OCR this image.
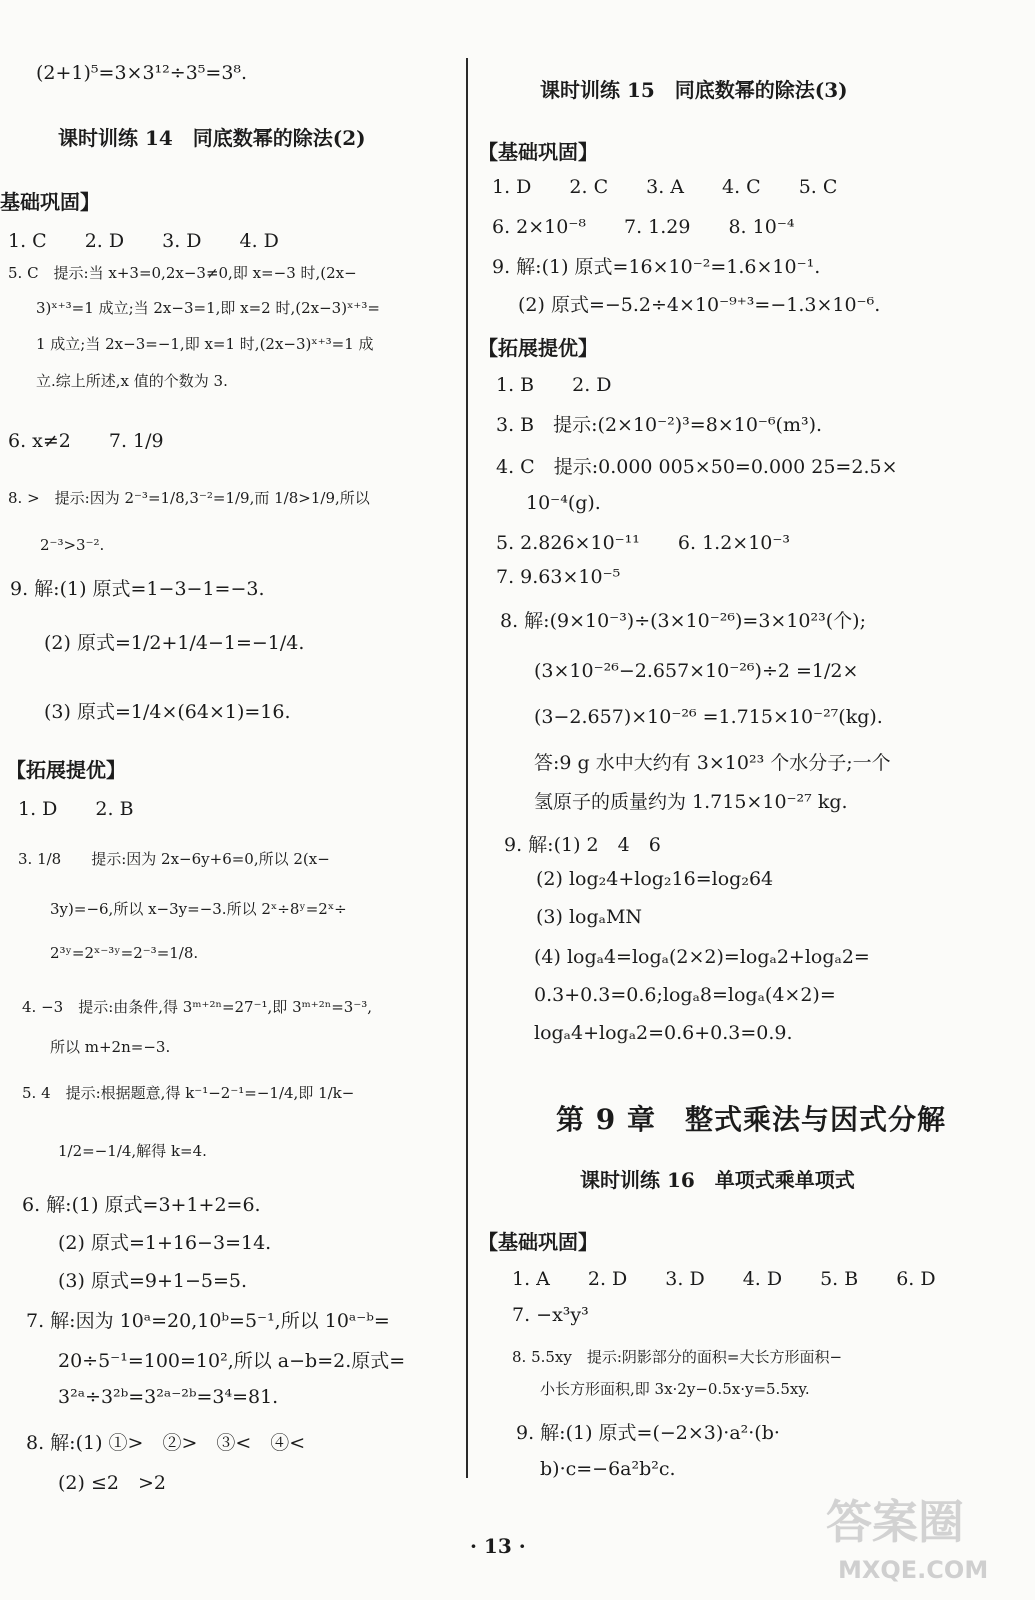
(2+1)⁵=3×3¹²÷3⁵=3⁸.
课时训练 14　同底数幂的除法(2)
基础巩固】
1. C　　2. D　　3. D　　4. D
5. C　提示:当 x+3=0,2x−3≠0,即 x=−3 时,(2x−
3)ˣ⁺³=1 成立;当 2x−3=1,即 x=2 时,(2x−3)ˣ⁺³=
1 成立;当 2x−3=−1,即 x=1 时,(2x−3)ˣ⁺³=1 成
立.综上所述,x 值的个数为 3.
6. x≠2　　7. 1/9
8. >　提示:因为 2⁻³=1/8,3⁻²=1/9,而 1/8>1/9,所以
2⁻³>3⁻².
9. 解:(1) 原式=1−3−1=−3.
(2) 原式=1/2+1/4−1=−1/4.
(3) 原式=1/4×(64×1)=16.
【拓展提优】
1. D　　2. B
3. 1/8　　提示:因为 2x−6y+6=0,所以 2(x−
3y)=−6,所以 x−3y=−3.所以 2ˣ÷8ʸ=2ˣ÷
2³ʸ=2ˣ⁻³ʸ=2⁻³=1/8.
4. −3　提示:由条件,得 3ᵐ⁺²ⁿ=27⁻¹,即 3ᵐ⁺²ⁿ=3⁻³,
所以 m+2n=−3.
5. 4　提示:根据题意,得 k⁻¹−2⁻¹=−1/4,即 1/k−
1/2=−1/4,解得 k=4.
6. 解:(1) 原式=3+1+2=6.
(2) 原式=1+16−3=14.
(3) 原式=9+1−5=5.
7. 解:因为 10ᵃ=20,10ᵇ=5⁻¹,所以 10ᵃ⁻ᵇ=
20÷5⁻¹=100=10²,所以 a−b=2.原式=
3²ᵃ÷3²ᵇ=3²ᵃ⁻²ᵇ=3⁴=81.
8. 解:(1) ①>　②>　③<　④<
(2) ≤2　>2
课时训练 15　同底数幂的除法(3)
【基础巩固】
1. D　　2. C　　3. A　　4. C　　5. C
6. 2×10⁻⁸　　7. 1.29　　8. 10⁻⁴
9. 解:(1) 原式=16×10⁻²=1.6×10⁻¹.
(2) 原式=−5.2÷4×10⁻⁹⁺³=−1.3×10⁻⁶.
【拓展提优】
1. B　　2. D
3. B　提示:(2×10⁻²)³=8×10⁻⁶(m³).
4. C　提示:0.000 005×50=0.000 25=2.5×
10⁻⁴(g).
5. 2.826×10⁻¹¹　　6. 1.2×10⁻³
7. 9.63×10⁻⁵
8. 解:(9×10⁻³)÷(3×10⁻²⁶)=3×10²³(个);
(3×10⁻²⁶−2.657×10⁻²⁶)÷2 =1/2×
(3−2.657)×10⁻²⁶ =1.715×10⁻²⁷(kg).
答:9 g 水中大约有 3×10²³ 个水分子;一个
氢原子的质量约为 1.715×10⁻²⁷ kg.
9. 解:(1) 2　4　6
(2) log₂4+log₂16=log₂64
(3) logₐMN
(4) logₐ4=logₐ(2×2)=logₐ2+logₐ2=
0.3+0.3=0.6;logₐ8=logₐ(4×2)=
logₐ4+logₐ2=0.6+0.3=0.9.
第 9 章　整式乘法与因式分解
课时训练 16　单项式乘单项式
【基础巩固】
1. A　　2. D　　3. D　　4. D　　5. B　　6. D
7. −x³y³
8. 5.5xy　提示:阴影部分的面积=大长方形面积−
小长方形面积,即 3x·2y−0.5x·y=5.5xy.
9. 解:(1) 原式=(−2×3)·a²·(b·
b)·c=−6a²b²c.
· 13 ·	答案圈
MXQE.COM
